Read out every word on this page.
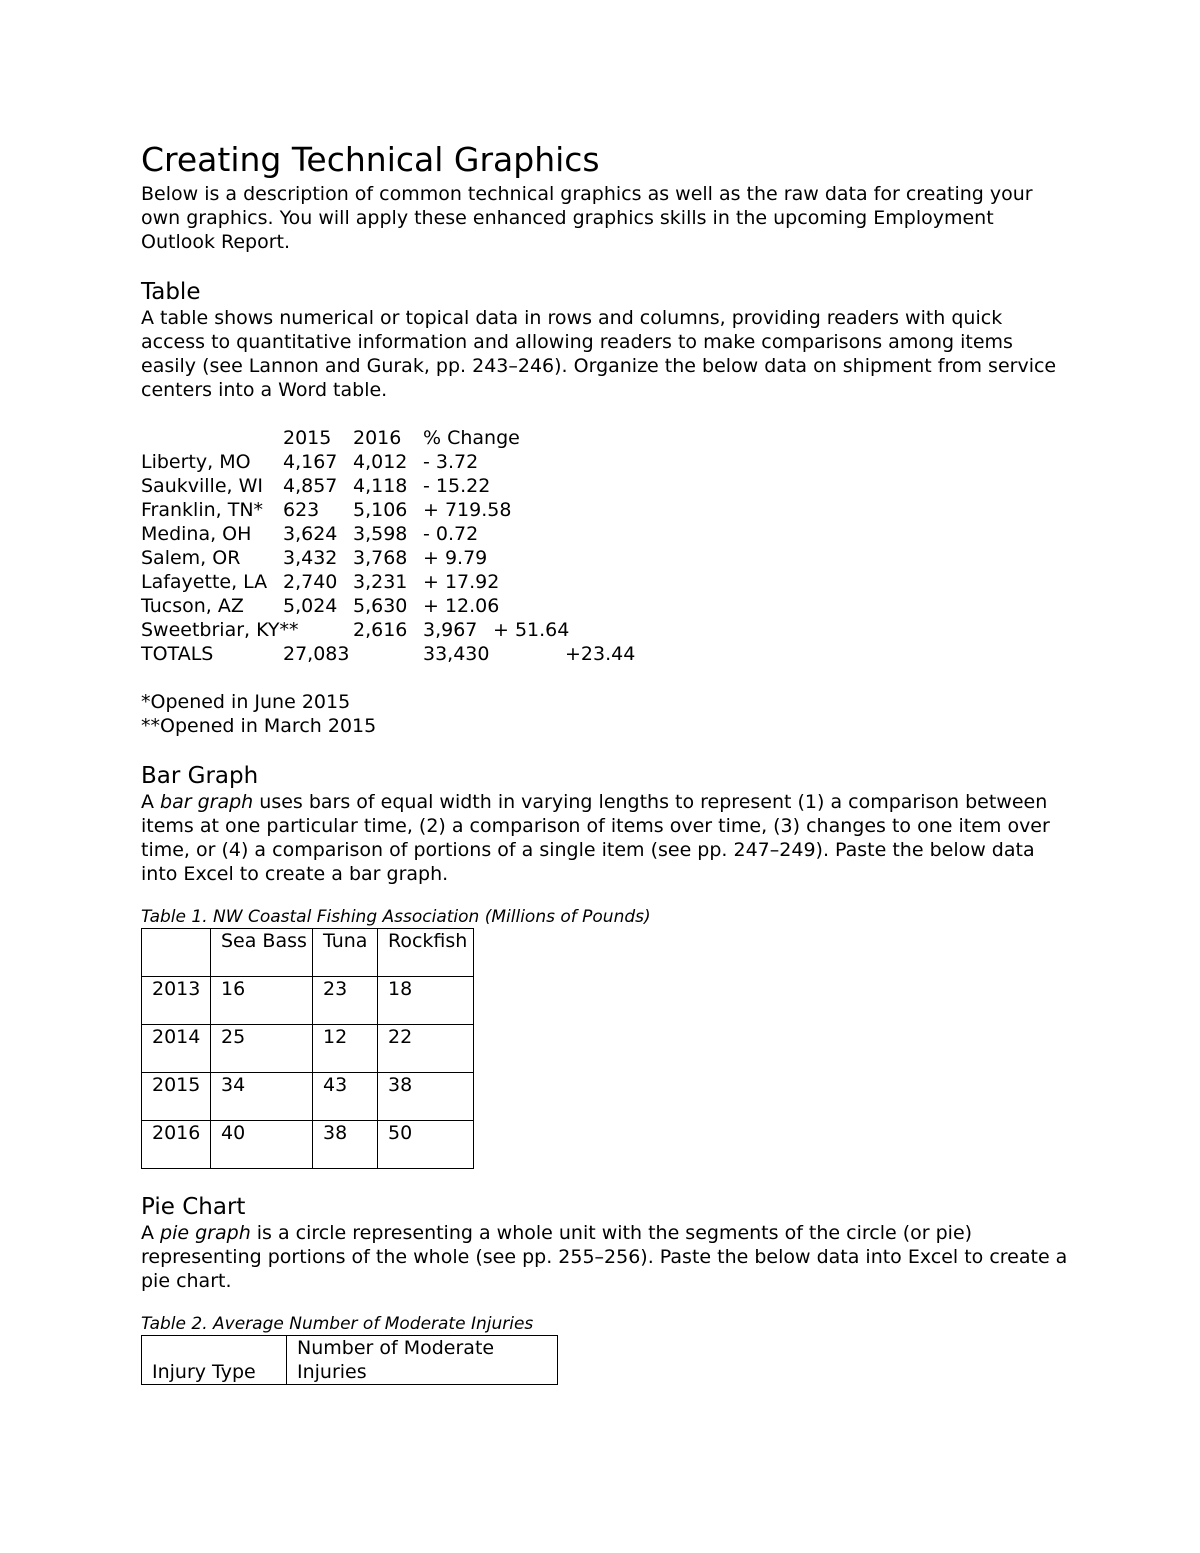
Creating Technical Graphics

Below is a description of common technical graphics as well as the raw data for creating your own graphics. You will apply these enhanced graphics skills in the upcoming Employment Outlook Report.

Table

A table shows numerical or topical data in rows and columns, providing readers with quick access to quantitative information and allowing readers to make comparisons among items easily (see Lannon and Gurak, pp. 243–246). Organize the below data on shipment from service centers into a Word table.

2015 2016 % Change
Liberty, MO 4,167 4,012 - 3.72
Saukville, WI 4,857 4,118 - 15.22
Franklin, TN* 623 5,106 + 719.58
Medina, OH 3,624 3,598 - 0.72
Salem, OR 3,432 3,768 + 9.79
Lafayette, LA 2,740 3,231 + 17.92
Tucson, AZ 5,024 5,630 + 12.06
Sweetbriar, KY**	2,616 3,967 + 51.64
TOTALS	27,083	33,430	+23.44

*Opened in June 2015

**Opened in March 2015

Bar Graph

A bar graph uses bars of equal width in varying lengths to represent (1) a comparison between items at one particular time, (2) a comparison of items over time, (3) changes to one item over time, or (4) a comparison of portions of a single item (see pp. 247–249). Paste the below data into Excel to create a bar graph.

Table 1. NW Coastal Fishing Association (Millions of Pounds)
	Sea Bass	Tuna	Rockfish
2013	16	23	18
2014	25	12	22
2015	34	43	38
2016	40	38	50
Pie Chart

A pie graph is a circle representing a whole unit with the segments of the circle (or pie) representing portions of the whole (see pp. 255–256). Paste the below data into Excel to create a pie chart.

Table 2. Average Number of Moderate Injuries
Injury Type	Number of Moderate Injuries
